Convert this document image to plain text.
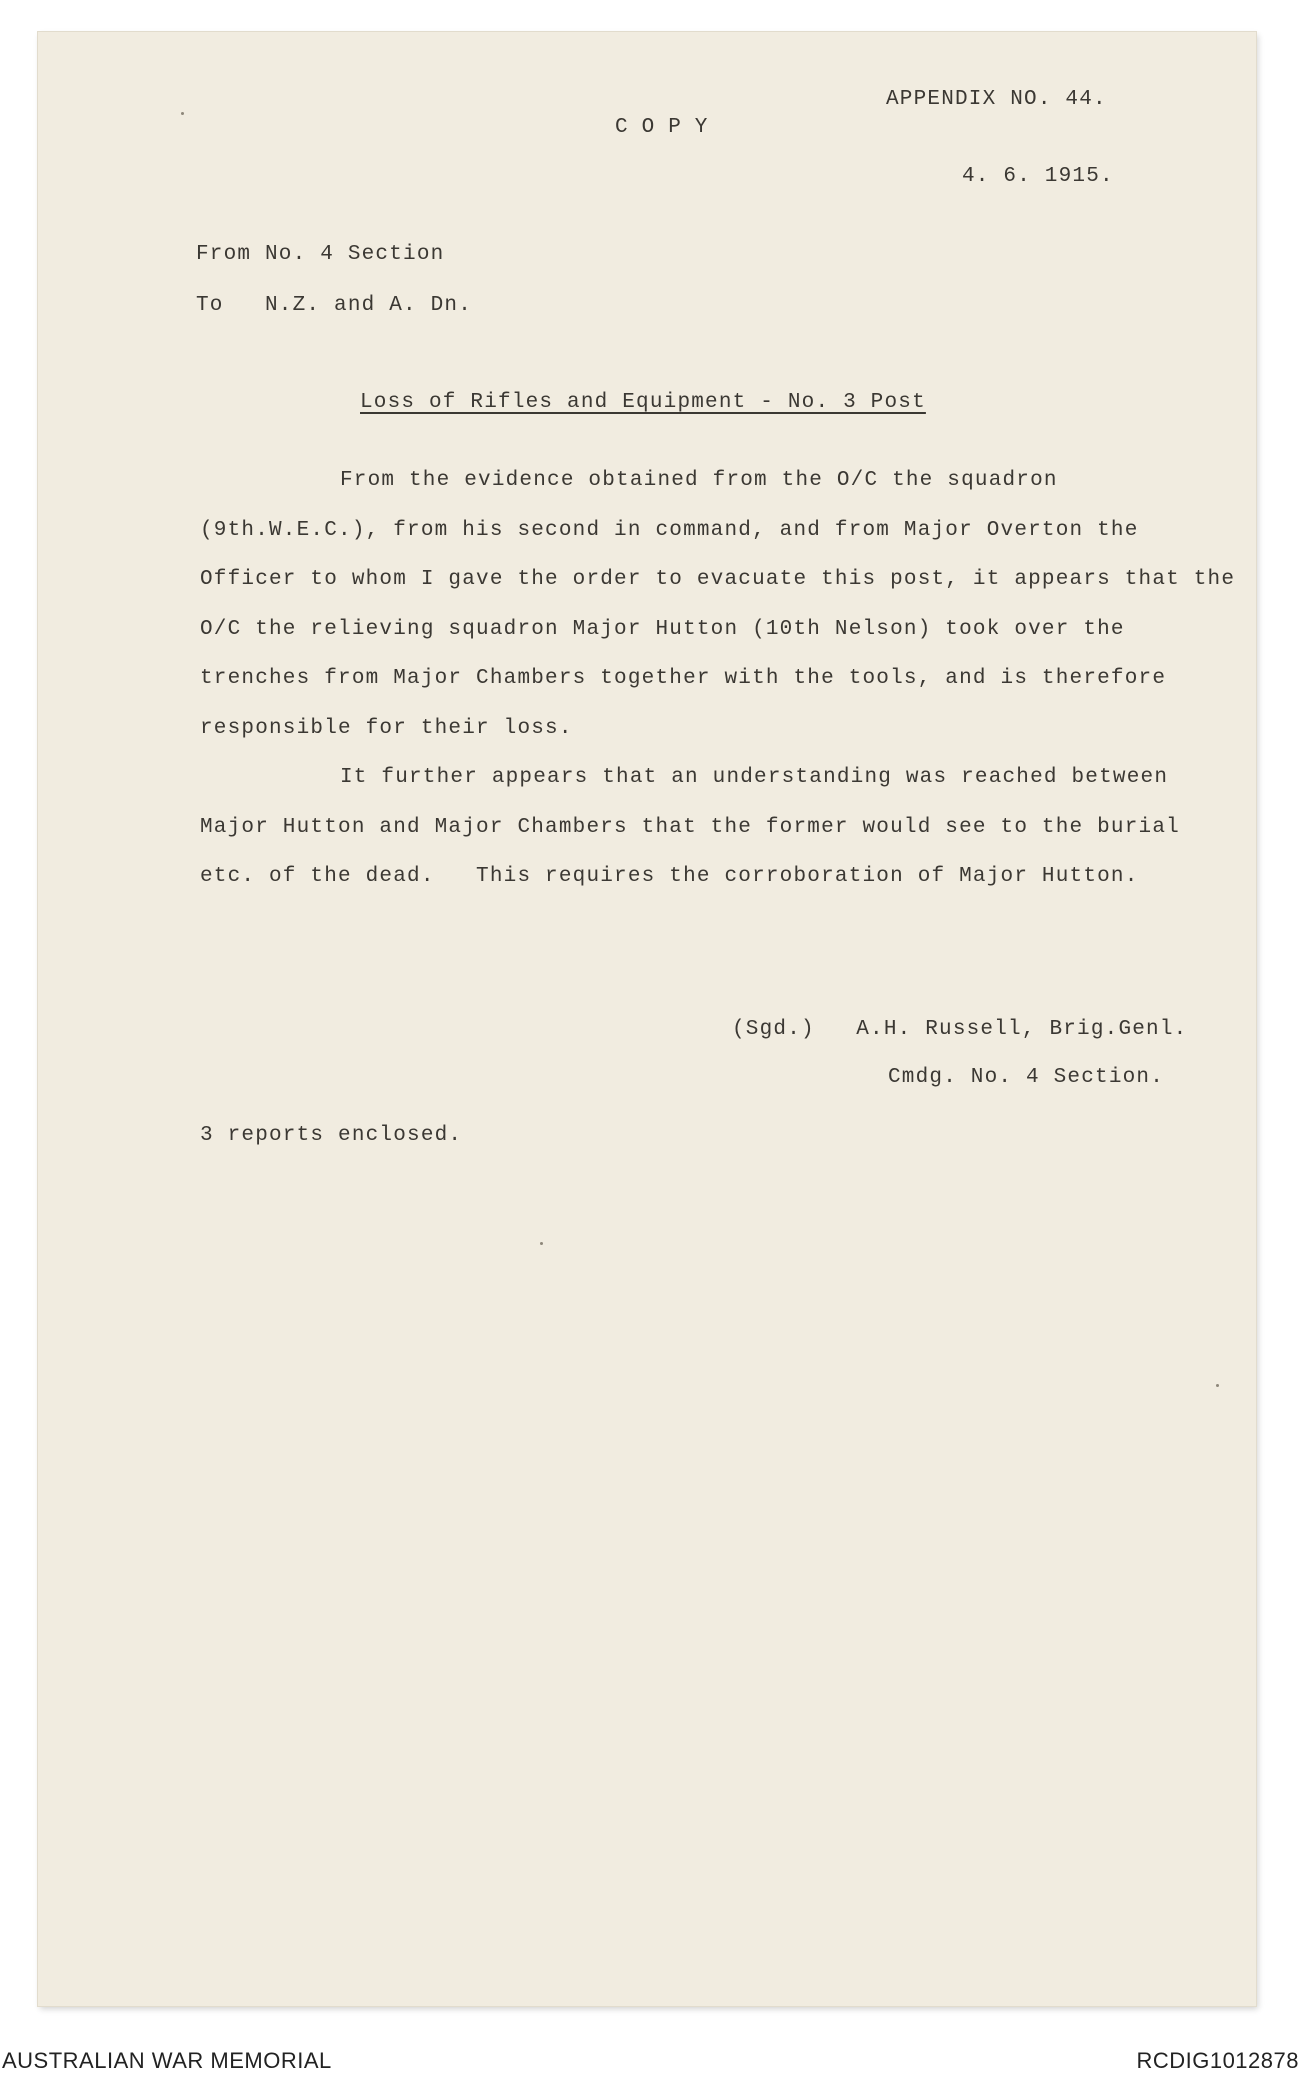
APPENDIX NO. 44.
COPY
4. 6. 1915.
From No. 4 Section
To   N.Z. and A. Dn.
Loss of Rifles and Equipment - No. 3 Post

From the evidence obtained from the O/C the squadron (9th.W.E.C.), from his second in command, and from Major Overton the Officer to whom I gave the order to evacuate this post, it appears that the O/C the relieving squadron Major Hutton (10th Nelson) took over the trenches from Major Chambers together with the tools, and is therefore responsible for their loss.

It further appears that an understanding was reached between Major Hutton and Major Chambers that the former would see to the burial etc. of the dead.   This requires the corroboration of Major Hutton.

(Sgd.)   A.H. Russell, Brig.Genl.
Cmdg. No. 4 Section.
3 reports enclosed.
AUSTRALIAN WAR MEMORIAL	RCDIG1012878
